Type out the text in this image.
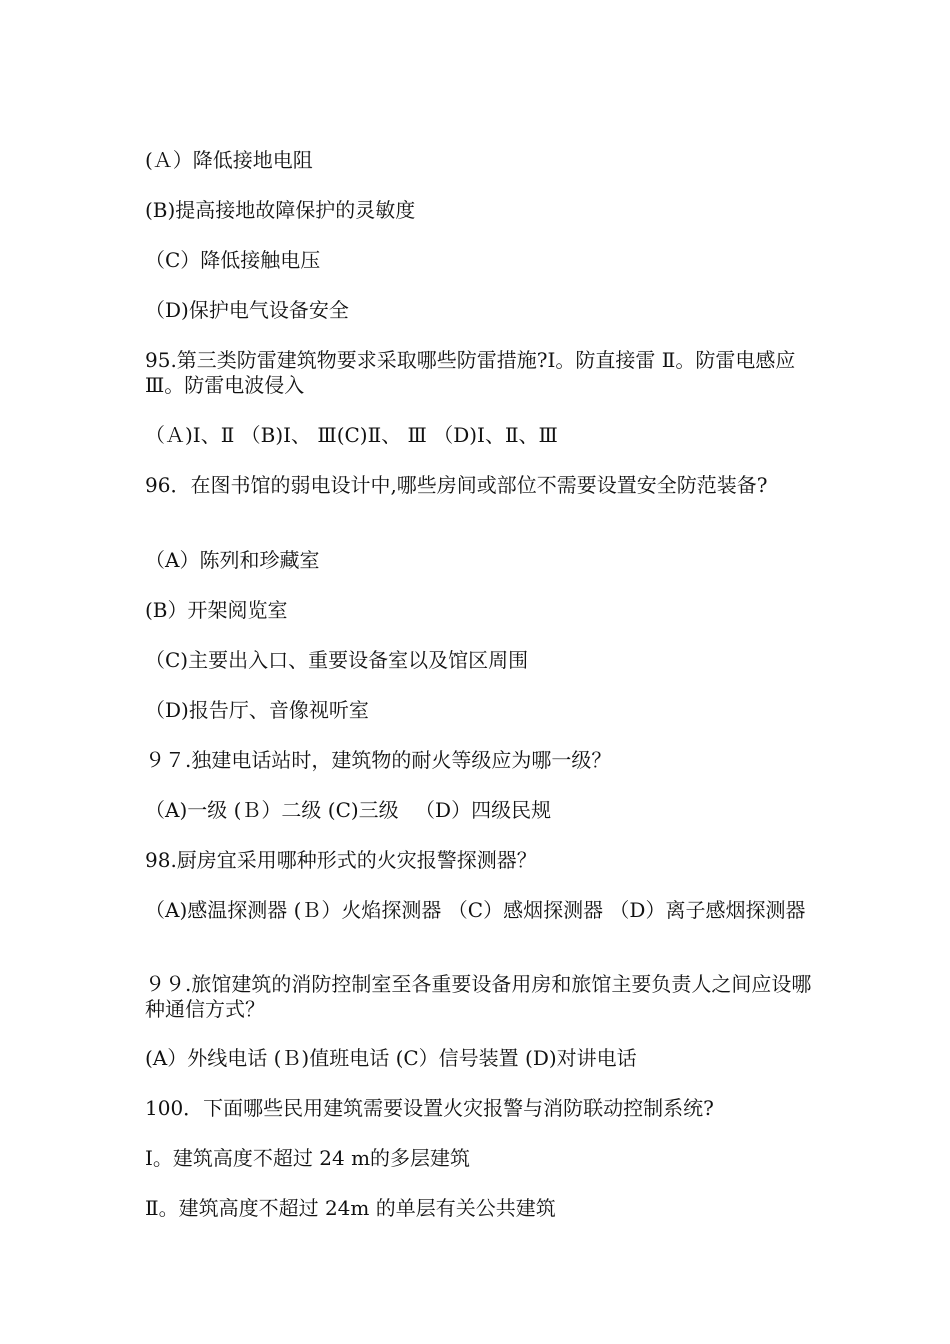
(Ａ）降低接地电阻

(B)提高接地故障保护的灵敏度

（C）降低接触电压

（D)保护电气设备安全

95.第三类防雷建筑物要求采取哪些防雷措施?Ⅰ。防直接雷 Ⅱ。防雷电感应 　Ⅲ。防雷电波侵入

（Ａ)Ⅰ、Ⅱ （B)Ⅰ、 Ⅲ(C)Ⅱ、 Ⅲ （D)Ⅰ、Ⅱ、Ⅲ

96．在图书馆的弱电设计中,哪些房间或部位不需要设置安全防范装备?

（A）陈列和珍藏室

(B）开架阅览室

（C)主要出入口、重要设备室以及馆区周围

（D)报告厅、音像视听室

９７.独建电话站时，建筑物的耐火等级应为哪一级？

（A)一级 (Ｂ）二级 (C)三级 　（D）四级民规

98.厨房宜采用哪种形式的火灾报警探测器？

（A)感温探测器 (Ｂ）火焰探测器 （C）感烟探测器 （D）离子感烟探测器

９９.旅馆建筑的消防控制室至各重要设备用房和旅馆主要负责人之间应设哪种通信方式？

(A）外线电话 (Ｂ)值班电话 (C）信号装置 (D)对讲电话

100．下面哪些民用建筑需要设置火灾报警与消防联动控制系统?

Ⅰ。建筑高度不超过 24 m的多层建筑

Ⅱ。建筑高度不超过 24m 的单层有关公共建筑
